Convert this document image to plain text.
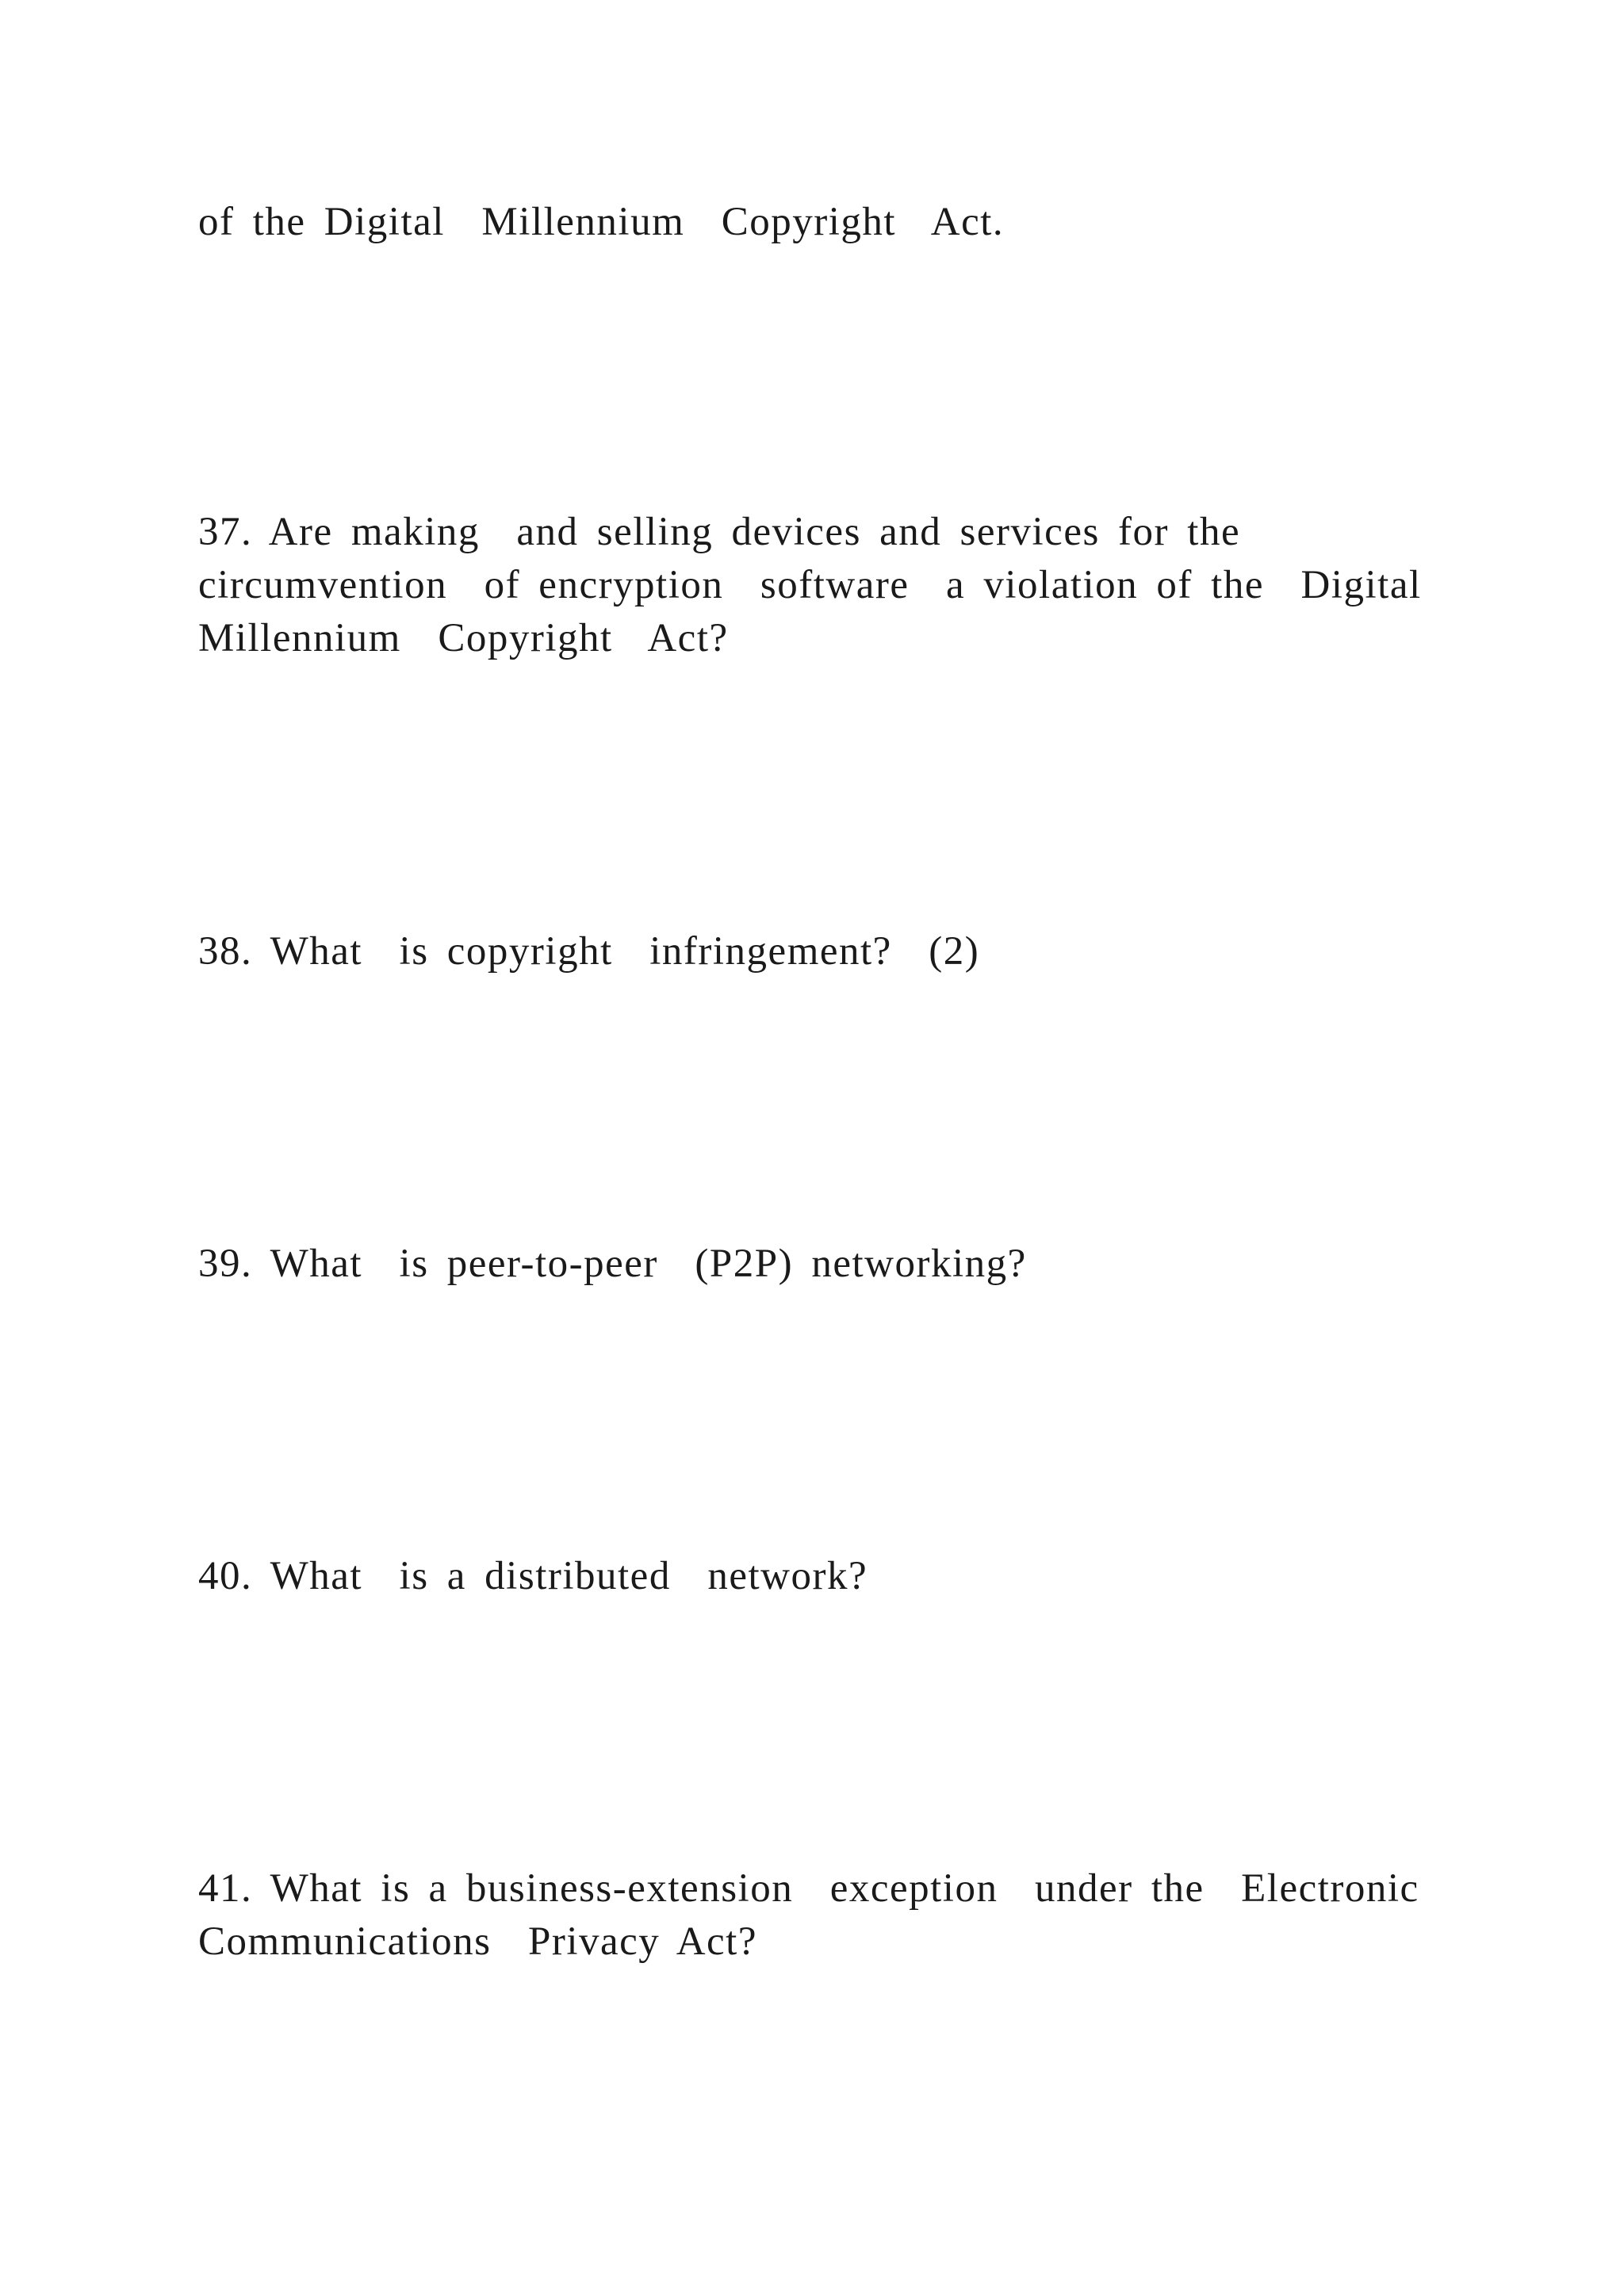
of the Digital  Millennium  Copyright  Act.

37. Are making  and selling devices and services for the
circumvention  of encryption  software  a violation of the  Digital
Millennium  Copyright  Act?

38. What  is copyright  infringement?  (2)

39. What  is peer-to-peer  (P2P) networking?

40. What  is a distributed  network?

41. What is a business-extension  exception  under the  Electronic
Communications  Privacy Act?
